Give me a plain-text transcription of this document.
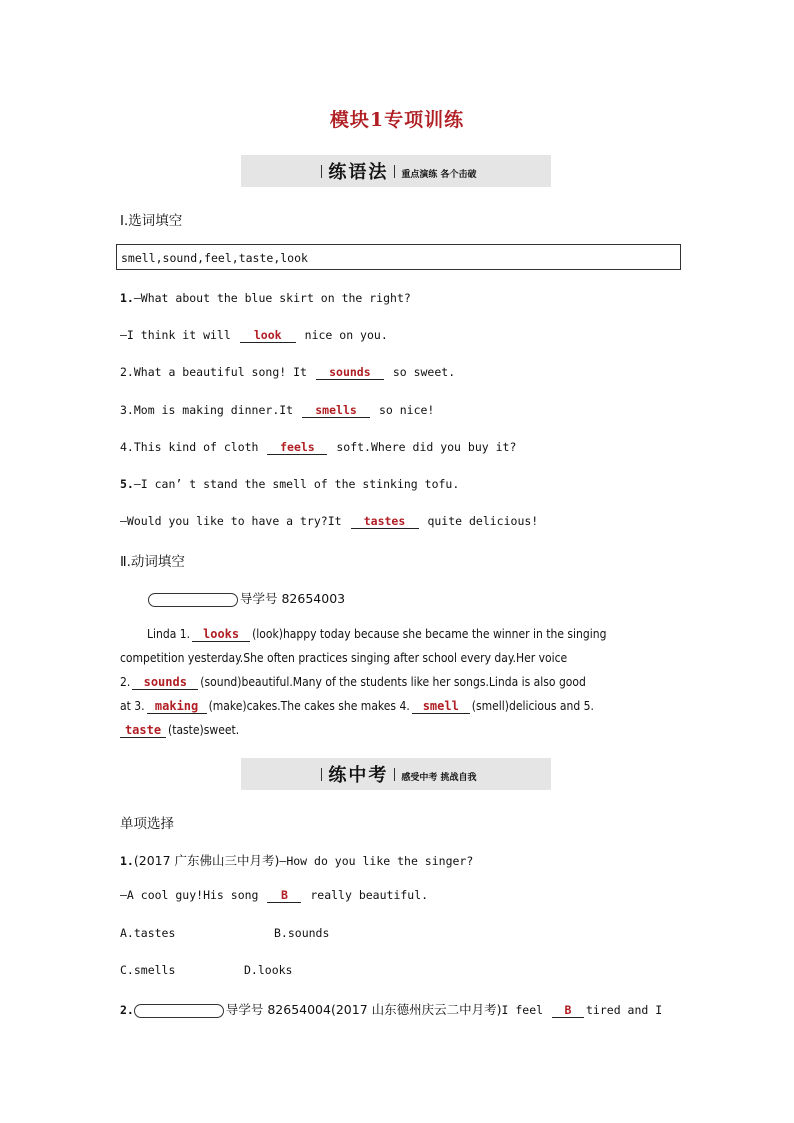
模块1专项训练
练语法 重点演练 各个击破
Ⅰ.选词填空
smell,sound,feel,taste,look
1.—What about the blue skirt on the right?
—I think it will look nice on you.
2.What a beautiful song! It sounds so sweet.
3.Mom is making dinner.It smells so nice!
4.This kind of cloth feels soft.Where did you buy it?
5.—I can’ t stand the smell of the stinking tofu.
—Would you like to have a try?It tastes quite delicious!
Ⅱ.动词填空
导学号 82654003
Linda 1. looks (look)happy today because she became the winner in the singing
competition yesterday.She often practices singing after school every day.Her voice
2. sounds (sound)beautiful.Many of the students like her songs.Linda is also good
at 3. making (make)cakes.The cakes she makes 4. smell (smell)delicious and 5.
taste (taste)sweet.
练中考 感受中考 挑战自我
单项选择
1.(2017 广东佛山三中月考)—How do you like the singer?
—A cool guy!His song B really beautiful.
A.tastes	B.sounds
C.smells	D.looks
2.	导学号 82654004(2017 山东德州庆云二中月考)I feel B tired and I
